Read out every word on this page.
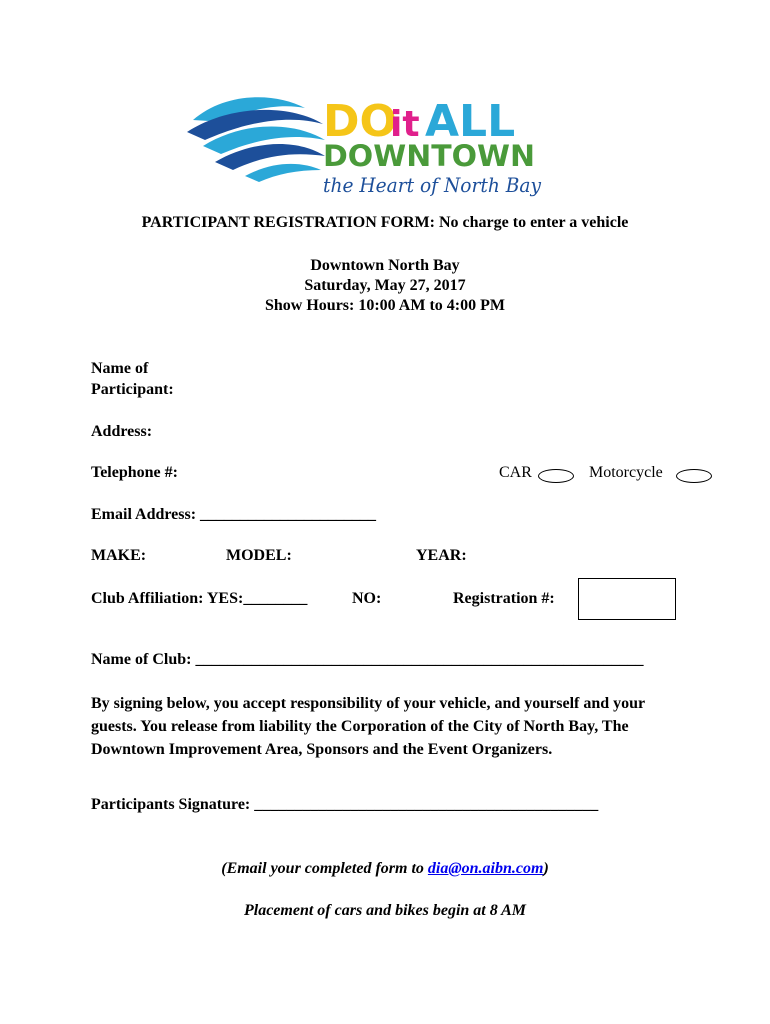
DO
it ALL
DOWNTOWN
the Heart of North Bay
PARTICIPANT REGISTRATION FORM: No charge to enter a vehicle
Downtown North Bay
Saturday, May 27, 2017
Show Hours: 10:00 AM to 4:00 PM
Name of
Participant:
Address:
Telephone #:	CAR	Motorcycle
Email Address: ______________________
MAKE:	MODEL:	YEAR:
Club Affiliation: YES:________	NO:	Registration #:
Name of Club: ________________________________________________________
By signing below, you accept responsibility of your vehicle, and yourself and your guests. You release from liability the Corporation of the City of North Bay, The Downtown Improvement Area, Sponsors and the Event Organizers.
Participants Signature: ___________________________________________
(Email your completed form to dia@on.aibn.com)
Placement of cars and bikes begin at 8 AM
